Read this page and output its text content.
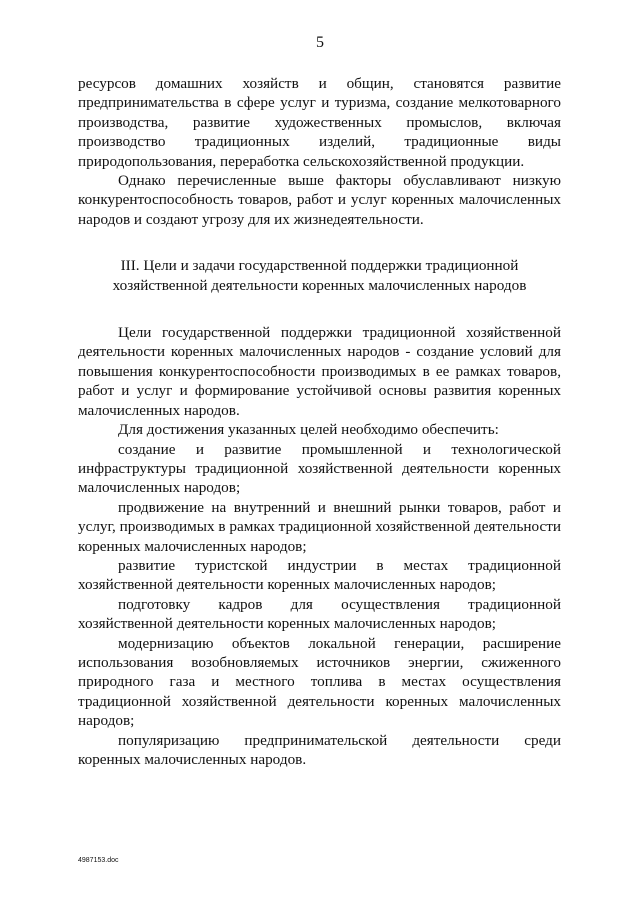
5

ресурсов домашних хозяйств и общин, становятся развитие предпринимательства в сфере услуг и туризма, создание мелкотоварного производства, развитие художественных промыслов, включая производство традиционных изделий, традиционные виды природопользования, переработка сельскохозяйственной продукции.

Однако перечисленные выше факторы обуславливают низкую конкурентоспособность товаров, работ и услуг коренных малочисленных народов и создают угрозу для их жизнедеятельности.

III. Цели и задачи государственной поддержки традиционной
хозяйственной деятельности коренных малочисленных народов

Цели государственной поддержки традиционной хозяйственной деятельности коренных малочисленных народов - создание условий для повышения конкурентоспособности производимых в ее рамках товаров, работ и услуг и формирование устойчивой основы развития коренных малочисленных народов.

Для достижения указанных целей необходимо обеспечить:

создание и развитие промышленной и технологической инфраструктуры традиционной хозяйственной деятельности коренных малочисленных народов;

продвижение на внутренний и внешний рынки товаров, работ и услуг, производимых в рамках традиционной хозяйственной деятельности коренных малочисленных народов;

развитие туристской индустрии в местах традиционной хозяйственной деятельности коренных малочисленных народов;

подготовку кадров для осуществления традиционной хозяйственной деятельности коренных малочисленных народов;

модернизацию объектов локальной генерации, расширение использования возобновляемых источников энергии, сжиженного природного газа и местного топлива в местах осуществления традиционной хозяйственной деятельности коренных малочисленных народов;

популяризацию предпринимательской деятельности среди коренных малочисленных народов.

4987153.doc
